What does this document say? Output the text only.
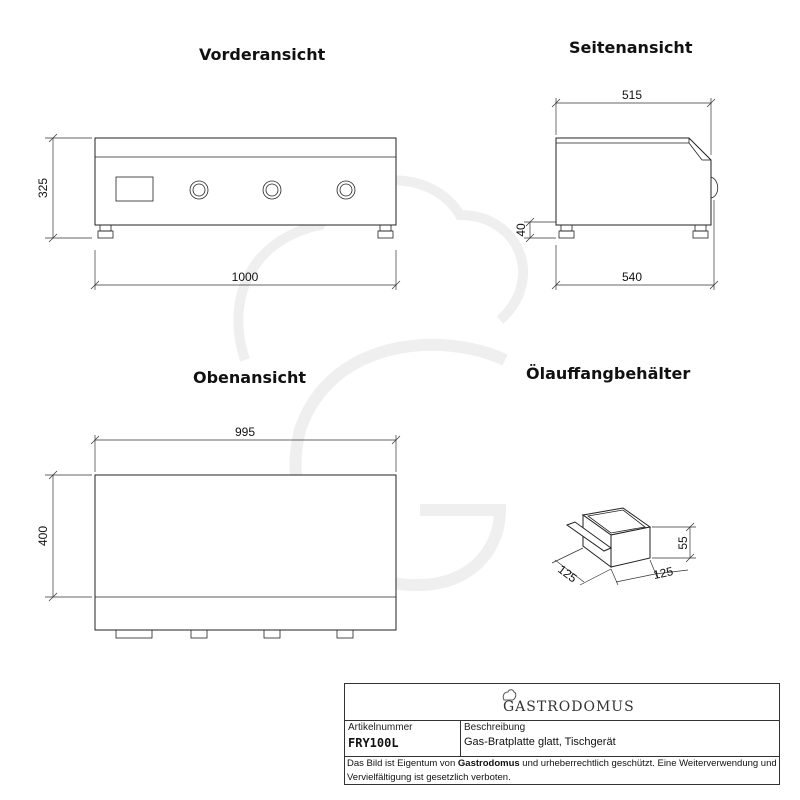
Vorderansicht	Seitenansicht
Obenansicht	Ölauffangbehälter
325
1000
515
40
540
995
400	55
125	125
GASTRODOMUS
Artikelnummer
FRY100L
Beschreibung
Gas-Bratplatte glatt, Tischgerät
Das Bild ist Eigentum von Gastrodomus und urheberrechtlich geschützt. Eine Weiterverwendung und Vervielfältigung ist gesetzlich verboten.
